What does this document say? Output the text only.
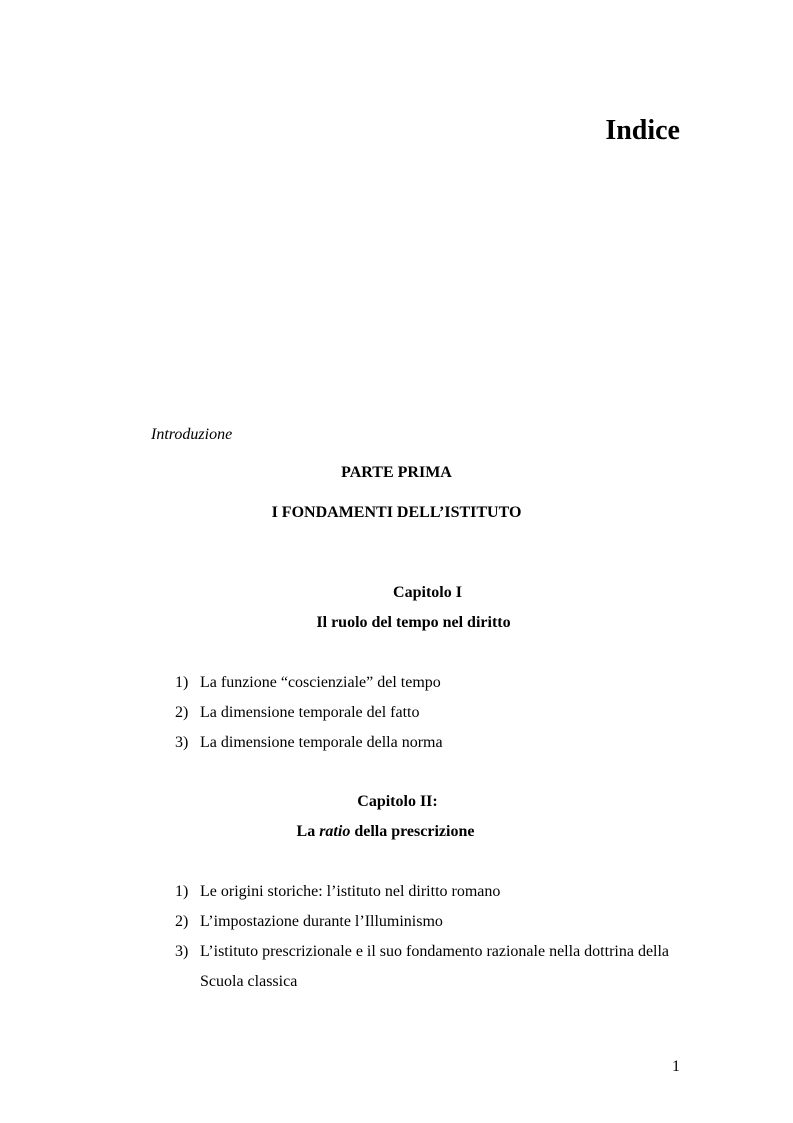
Indice
Introduzione
PARTE PRIMA
I FONDAMENTI DELL’ISTITUTO
Capitolo I
Il ruolo del tempo nel diritto
1) La funzione “coscienziale” del tempo
2) La dimensione temporale del fatto
3) La dimensione temporale della norma
Capitolo II:
La ratio della prescrizione
1) Le origini storiche: l’istituto nel diritto romano
2) L’impostazione durante l’Illuminismo
3) L’istituto prescrizionale e il suo fondamento razionale nella dottrina della Scuola classica
1
